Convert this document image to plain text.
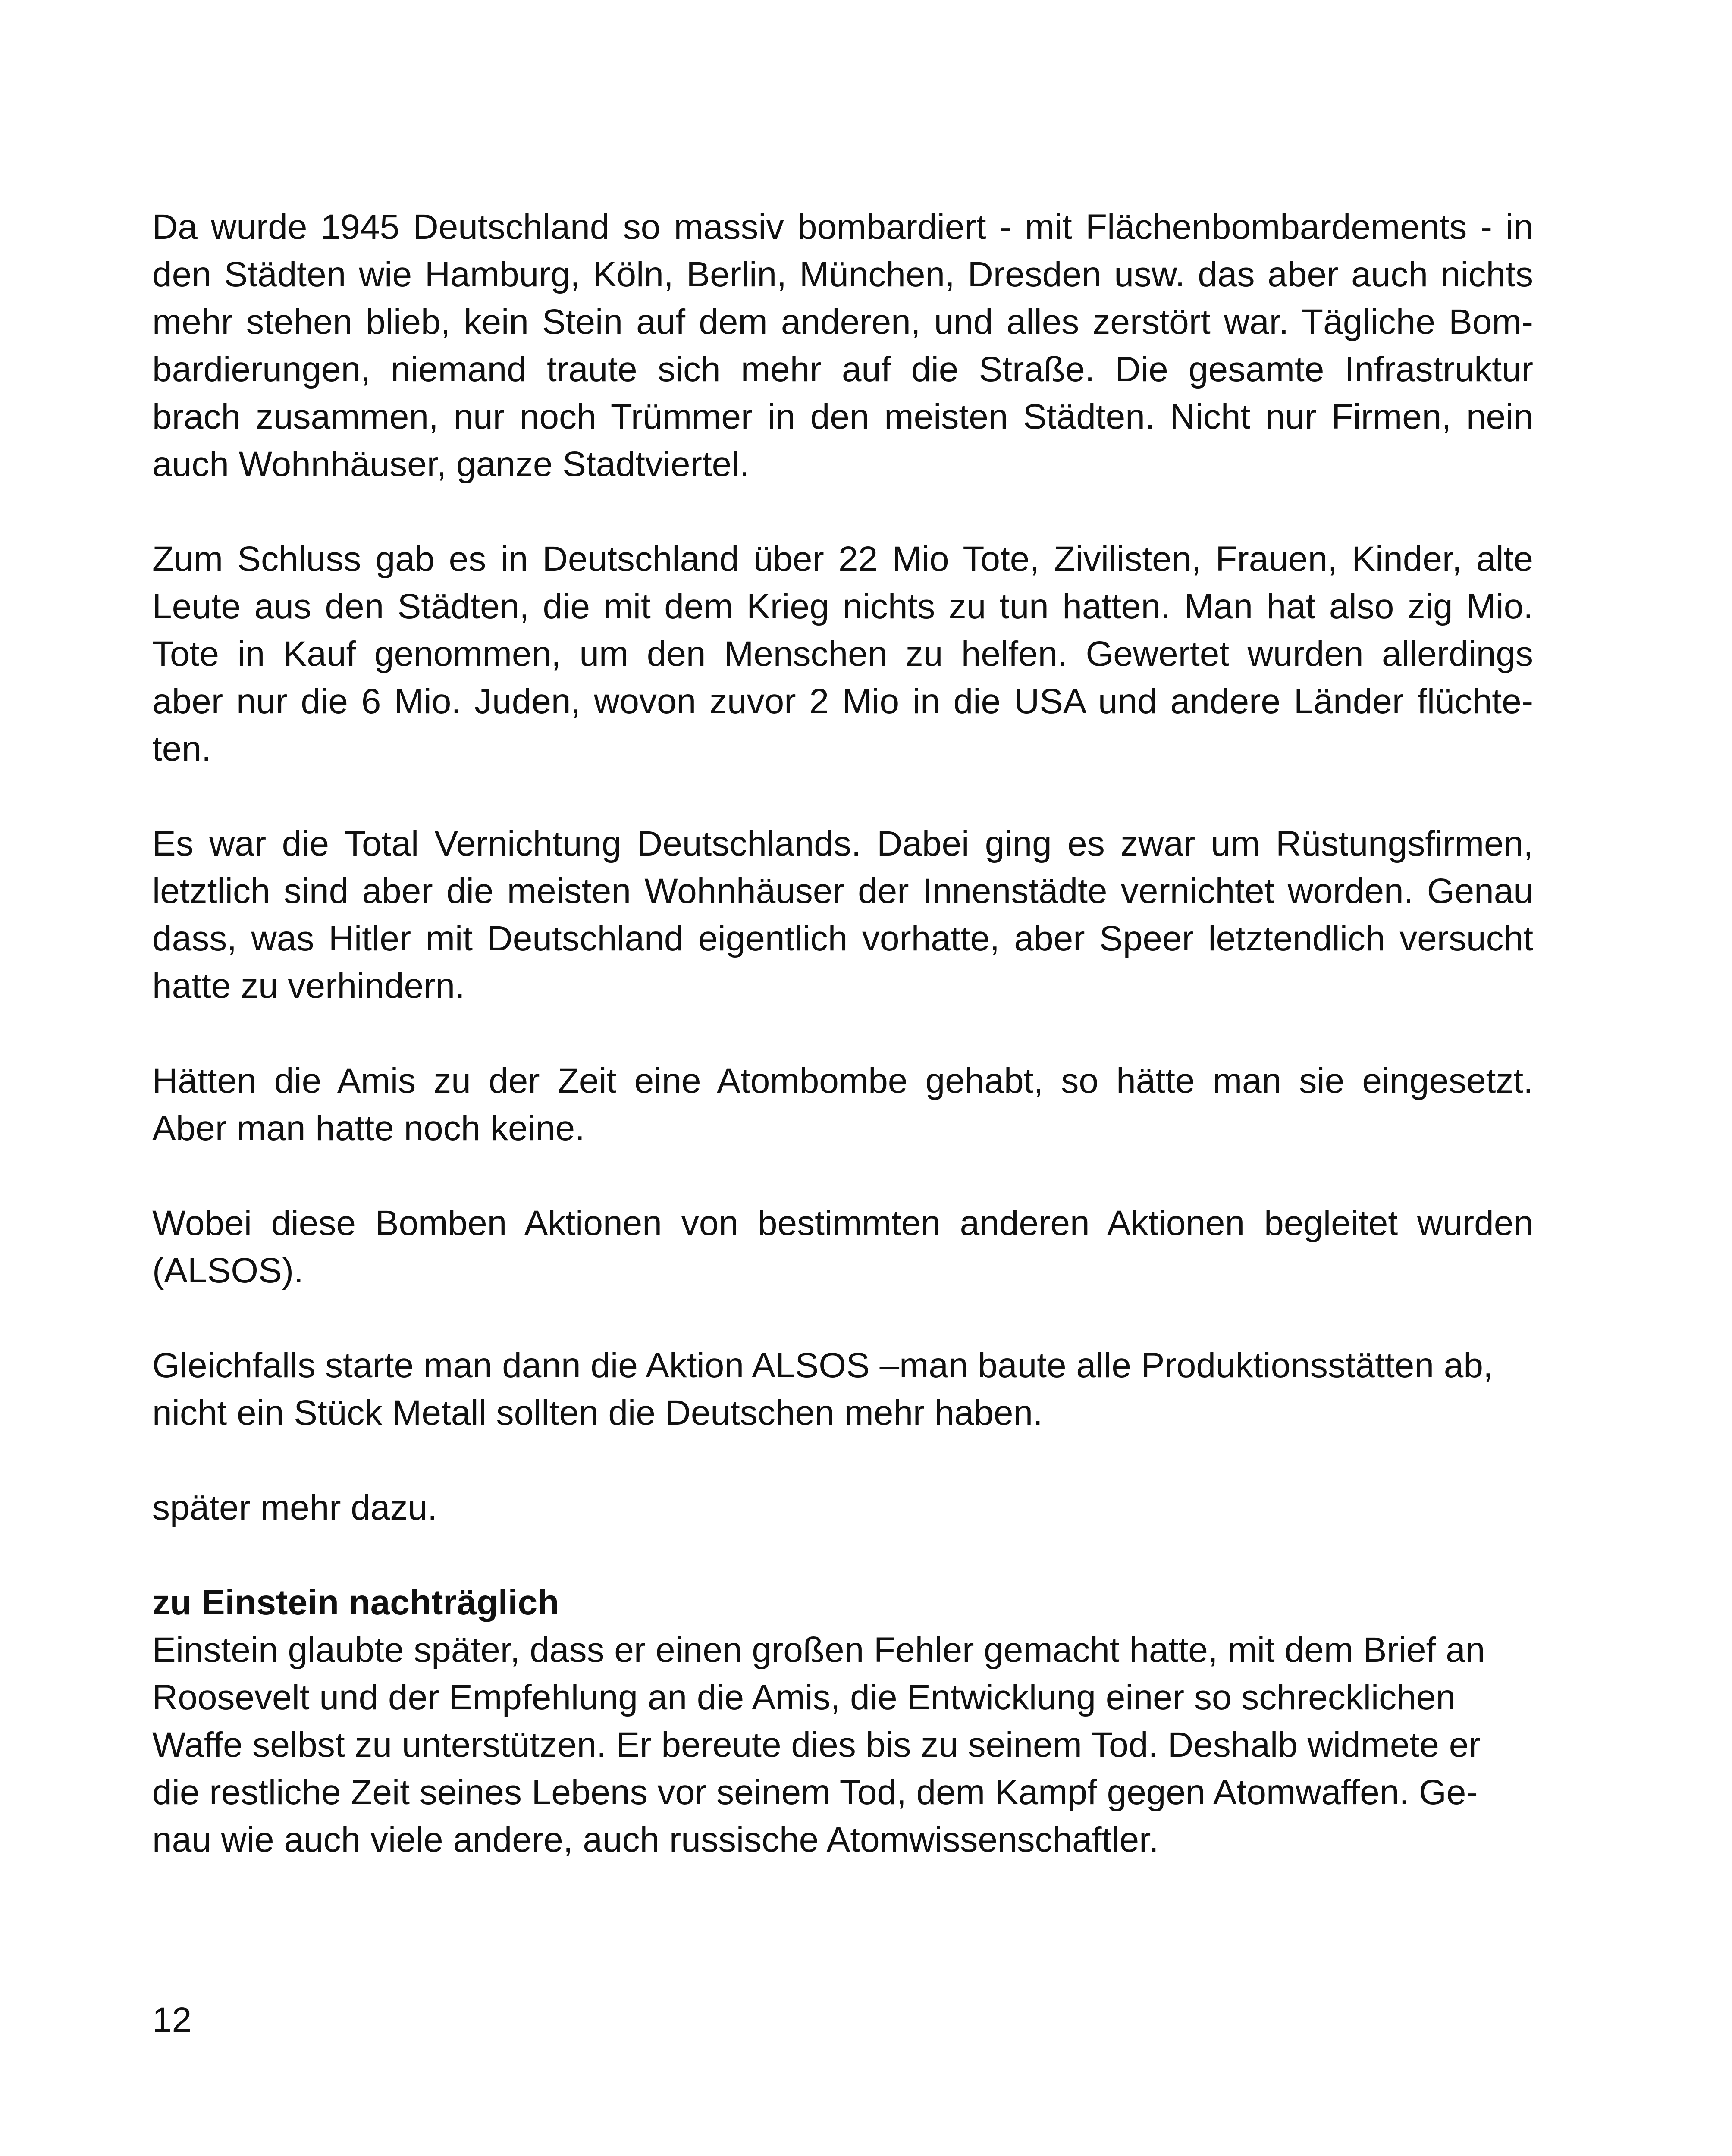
Da wurde 1945 Deutschland so massiv bombardiert - mit Flächenbombardements - in
den Städten wie Hamburg, Köln, Berlin, München, Dresden usw. das aber auch nichts
mehr stehen blieb, kein Stein auf dem anderen, und alles zerstört war. Tägliche Bom-
bardierungen, niemand traute sich mehr auf die Straße. Die gesamte Infrastruktur
brach zusammen, nur noch Trümmer in den meisten Städten. Nicht nur Firmen, nein
auch Wohnhäuser, ganze Stadtviertel.
Zum Schluss gab es in Deutschland über 22 Mio Tote, Zivilisten, Frauen, Kinder, alte
Leute aus den Städten, die mit dem Krieg nichts zu tun hatten. Man hat also zig Mio.
Tote in Kauf genommen, um den Menschen zu helfen. Gewertet wurden allerdings
aber nur die 6 Mio. Juden, wovon zuvor 2 Mio in die USA und andere Länder flüchte-
ten.
Es war die Total Vernichtung Deutschlands. Dabei ging es zwar um Rüstungsfirmen,
letztlich sind aber die meisten Wohnhäuser der Innenstädte vernichtet worden. Genau
dass, was Hitler mit Deutschland eigentlich vorhatte, aber Speer letztendlich versucht
hatte zu verhindern.
Hätten die Amis zu der Zeit eine Atombombe gehabt, so hätte man sie eingesetzt.
Aber man hatte noch keine.
Wobei diese Bomben Aktionen von bestimmten anderen Aktionen begleitet wurden
(ALSOS).
Gleichfalls starte man dann die Aktion ALSOS –man baute alle Produktionsstätten ab,
nicht ein Stück Metall sollten die Deutschen mehr haben.
später mehr dazu.
zu Einstein nachträglich
Einstein glaubte später, dass er einen großen Fehler gemacht hatte, mit dem Brief an
Roosevelt und der Empfehlung an die Amis, die Entwicklung einer so schrecklichen
Waffe selbst zu unterstützen. Er bereute dies bis zu seinem Tod. Deshalb widmete er
die restliche Zeit seines Lebens vor seinem Tod, dem Kampf gegen Atomwaffen. Ge-
nau wie auch viele andere, auch russische Atomwissenschaftler.
12
